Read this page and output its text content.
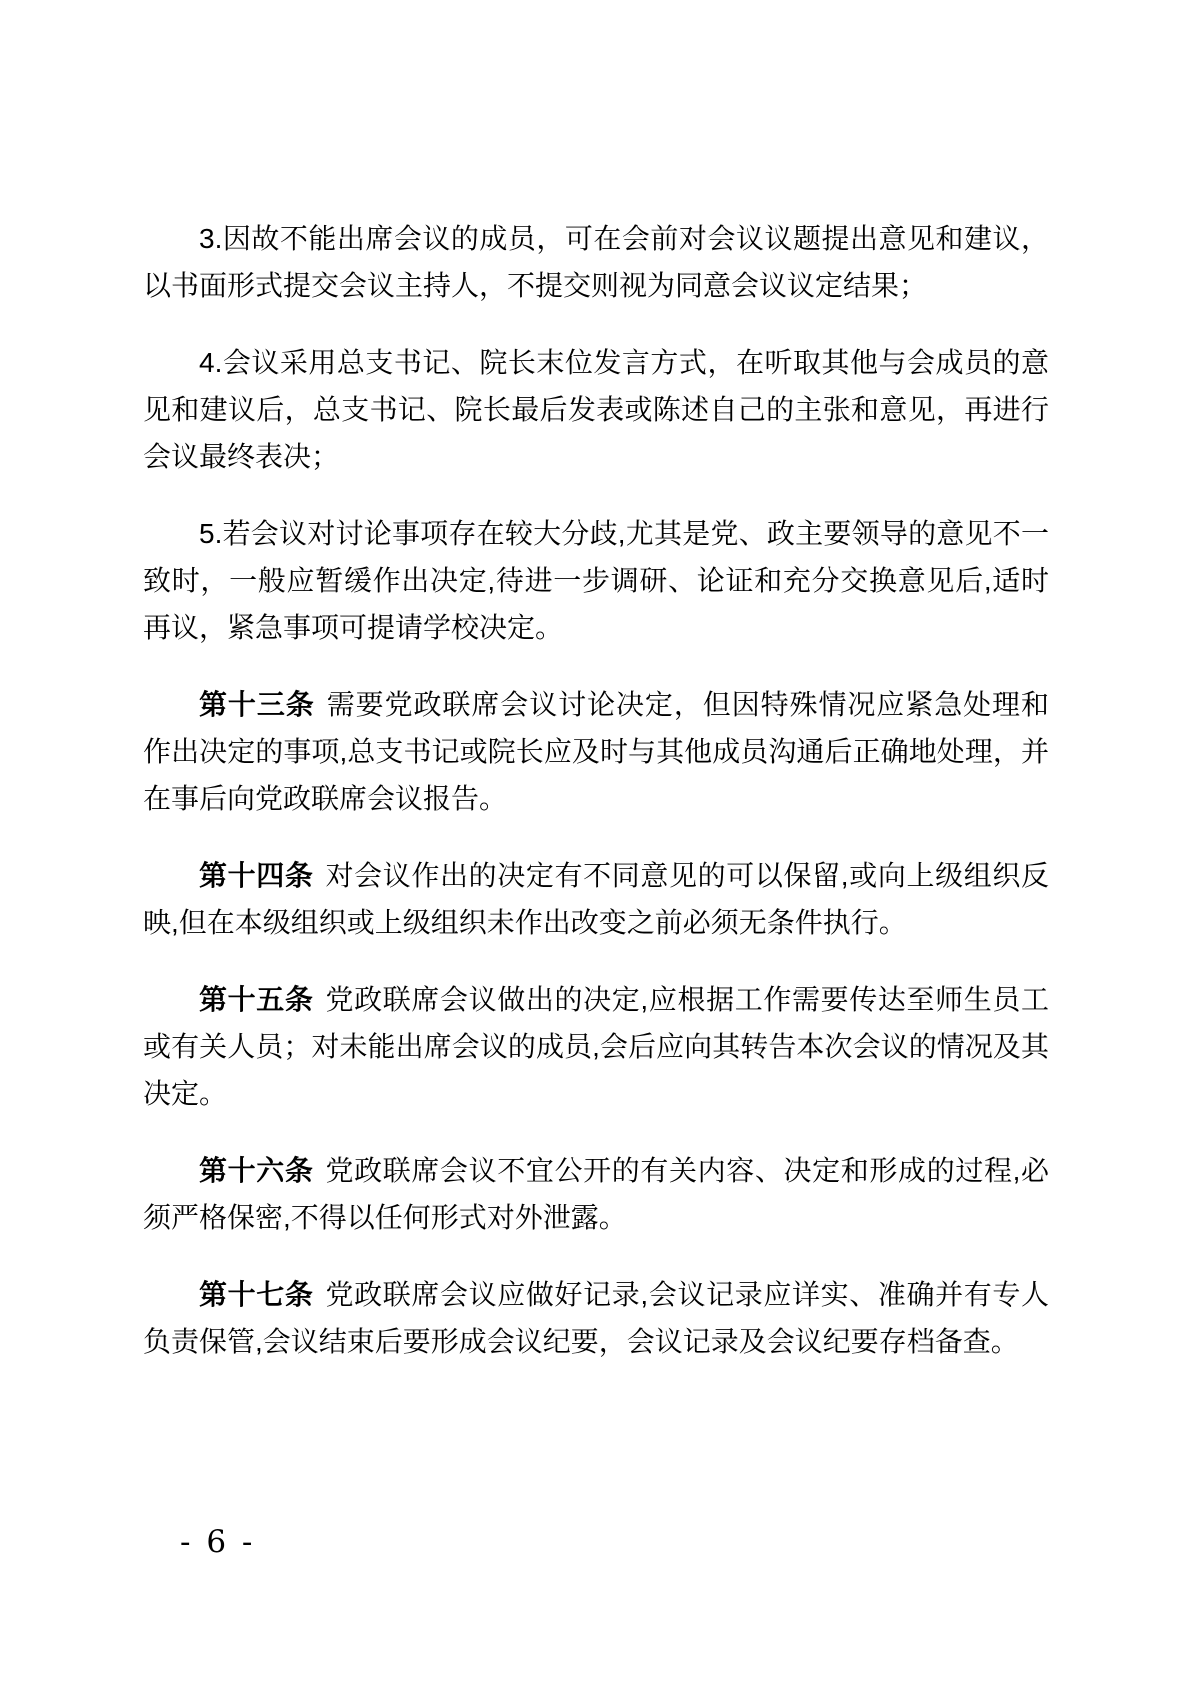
3.因故不能出席会议的成员，可在会前对会议议题提出意见和建议，以书面形式提交会议主持人，不提交则视为同意会议议定结果；

4.会议采用总支书记、院长末位发言方式，在听取其他与会成员的意见和建议后，总支书记、院长最后发表或陈述自己的主张和意见，再进行会议最终表决；

5.若会议对讨论事项存在较大分歧,尤其是党、政主要领导的意见不一致时，一般应暂缓作出决定,待进一步调研、论证和充分交换意见后,适时再议，紧急事项可提请学校决定。

第十三条 需要党政联席会议讨论决定，但因特殊情况应紧急处理和作出决定的事项,总支书记或院长应及时与其他成员沟通后正确地处理，并在事后向党政联席会议报告。

第十四条 对会议作出的决定有不同意见的可以保留,或向上级组织反映,但在本级组织或上级组织未作出改变之前必须无条件执行。

第十五条 党政联席会议做出的决定,应根据工作需要传达至师生员工或有关人员；对未能出席会议的成员,会后应向其转告本次会议的情况及其决定。

第十六条 党政联席会议不宜公开的有关内容、决定和形成的过程,必须严格保密,不得以任何形式对外泄露。

第十七条 党政联席会议应做好记录,会议记录应详实、准确并有专人负责保管,会议结束后要形成会议纪要，会议记录及会议纪要存档备查。

- 6 -
